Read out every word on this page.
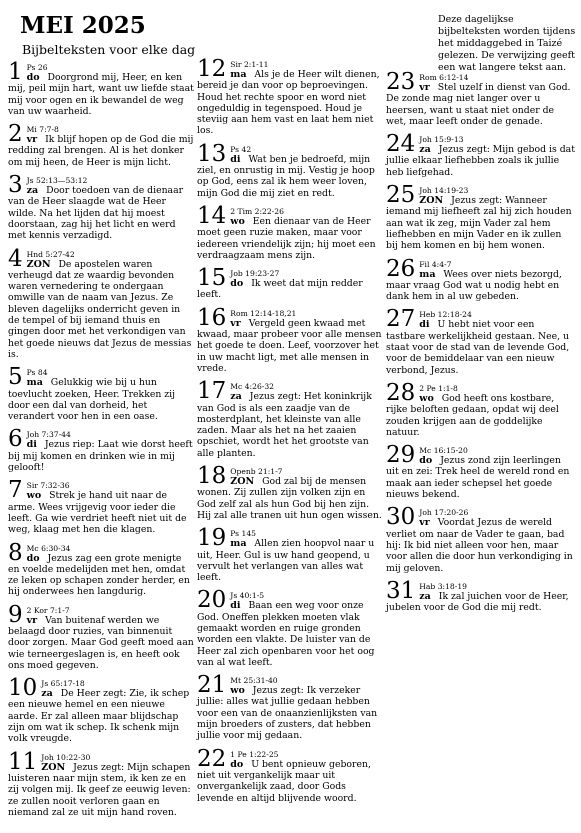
MEI 2025
Bijbelteksten voor elke dag
Deze dagelijkse bijbelteksten worden tijdens het middaggebed in Taizé gelezen. De verwijzing geeft een wat langere tekst aan.
1 Ps 26
do Doorgrond mij, Heer, en ken mij, peil mijn hart, want uw liefde staat mij voor ogen en ik bewandel de weg van uw waarheid.
2 Mi 7:7-8
vr Ik blijf hopen op de God die mij redding zal brengen. Al is het donker om mij heen, de Heer is mijn licht.
3 Js 52:13—53:12
za Door toedoen van de dienaar van de Heer slaagde wat de Heer wilde. Na het lijden dat hij moest doorstaan, zag hij het licht en werd met kennis verzadigd.
4 Hnd 5:27-42
ZON De apostelen waren verheugd dat ze waardig bevonden waren vernedering te ondergaan omwille van de naam van Jezus. Ze bleven dagelijks onderricht geven in de tempel of bij iemand thuis en gingen door met het verkondigen van het goede nieuws dat Jezus de messias is.
5 Ps 84
ma Gelukkig wie bij u hun toevlucht zoeken, Heer. Trekken zij door een dal van dorheid, het verandert voor hen in een oase.
6 Joh 7:37-44
di Jezus riep: Laat wie dorst heeft bij mij komen en drinken wie in mij gelooft!
7 Sir 7:32-36
wo Strek je hand uit naar de arme. Wees vrijgevig voor ieder die leeft. Ga wie verdriet heeft niet uit de weg, klaag met hen die klagen.
8 Mc 6:30-34
do Jezus zag een grote menigte en voelde medelijden met hen, omdat ze leken op schapen zonder herder, en hij onderwees hen langdurig.
9 2 Kor 7:1-7
vr Van buitenaf werden we belaagd door ruzies, van binnenuit door zorgen. Maar God geeft moed aan wie terneergeslagen is, en heeft ook ons moed gegeven.
10 Js 65:17-18
za De Heer zegt: Zie, ik schep een nieuwe hemel en een nieuwe aarde. Er zal alleen maar blijdschap zijn om wat ik schep. Ik schenk mijn volk vreugde.
11 Joh 10:22-30
ZON Jezus zegt: Mijn schapen luisteren naar mijn stem, ik ken ze en zij volgen mij. Ik geef ze eeuwig leven: ze zullen nooit verloren gaan en niemand zal ze uit mijn hand roven.
12 Sir 2:1-11
ma Als je de Heer wilt dienen, bereid je dan voor op beproevingen. Houd het rechte spoor en word niet ongeduldig in tegenspoed. Houd je steviig aan hem vast en laat hem niet los.
13 Ps 42
di Wat ben je bedroefd, mijn ziel, en onrustig in mij. Vestig je hoop op God, eens zal ik hem weer loven, mijn God die mij ziet en redt.
14 2 Tim 2:22-26
wo Een dienaar van de Heer moet geen ruzie maken, maar voor iedereen vriendelijk zijn; hij moet een verdraagzaam mens zijn.
15 Job 19:23-27
do Ik weet dat mijn redder leeft.
16 Rom 12:14-18,21
vr Vergeld geen kwaad met kwaad, maar probeer voor alle mensen het goede te doen. Leef, voorzover het in uw macht ligt, met alle mensen in vrede.
17 Mc 4:26-32
za Jezus zegt: Het koninkrijk van God is als een zaadje van de mosterdplant, het kleinste van alle zaden. Maar als het na het zaaien opschiet, wordt het het grootste van alle planten.
18 Openb 21:1-7
ZON God zal bij de mensen wonen. Zij zullen zijn volken zijn en God zelf zal als hun God bij hen zijn. Hij zal alle tranen uit hun ogen wissen.
19 Ps 145
ma Allen zien hoopvol naar u uit, Heer. Gul is uw hand geopend, u vervult het verlangen van alles wat leeft.
20 Js 40:1-5
di Baan een weg voor onze God. Oneffen plekken moeten vlak gemaakt worden en ruige gronden worden een vlakte. De luister van de Heer zal zich openbaren voor het oog van al wat leeft.
21 Mt 25:31-40
wo Jezus zegt: Ik verzeker jullie: alles wat jullie gedaan hebben voor een van de onaanzienlijksten van mijn broeders of zusters, dat hebben jullie voor mij gedaan.
22 1 Pe 1:22-25
do U bent opnieuw geboren, niet uit vergankelijk maar uit onvergankelijk zaad, door Gods levende en altijd blijvende woord.
23 Rom 6:12-14
vr Stel uzelf in dienst van God. De zonde mag niet langer over u heersen, want u staat niet onder de wet, maar leeft onder de genade.
24 Joh 15:9-13
za Jezus zegt: Mijn gebod is dat jullie elkaar liefhebben zoals ik jullie heb liefgehad.
25 Joh 14:19-23
ZON Jezus zegt: Wanneer iemand mij liefheeft zal hij zich houden aan wat ik zeg, mijn Vader zal hem liefhebben en mijn Vader en ik zullen bij hem komen en bij hem wonen.
26 Fil 4:4-7
ma Wees over niets bezorgd, maar vraag God wat u nodig hebt en dank hem in al uw gebeden.
27 Heb 12:18-24
di U hebt niet voor een tastbare werkelijkheid gestaan. Nee, u staat voor de stad van de levende God, voor de bemiddelaar van een nieuw verbond, Jezus.
28 2 Pe 1:1-8
wo God heeft ons kostbare, rijke beloften gedaan, opdat wij deel zouden krijgen aan de goddelijke natuur.
29 Mc 16:15-20
do Jezus zond zijn leerlingen uit en zei: Trek heel de wereld rond en maak aan ieder schepsel het goede nieuws bekend.
30 Joh 17:20-26
vr Voordat Jezus de wereld verliet om naar de Vader te gaan, bad hij: Ik bid niet alleen voor hen, maar voor allen die door hun verkondiging in mij geloven.
31 Hab 3:18-19
za Ik zal juichen voor de Heer, jubelen voor de God die mij redt.
